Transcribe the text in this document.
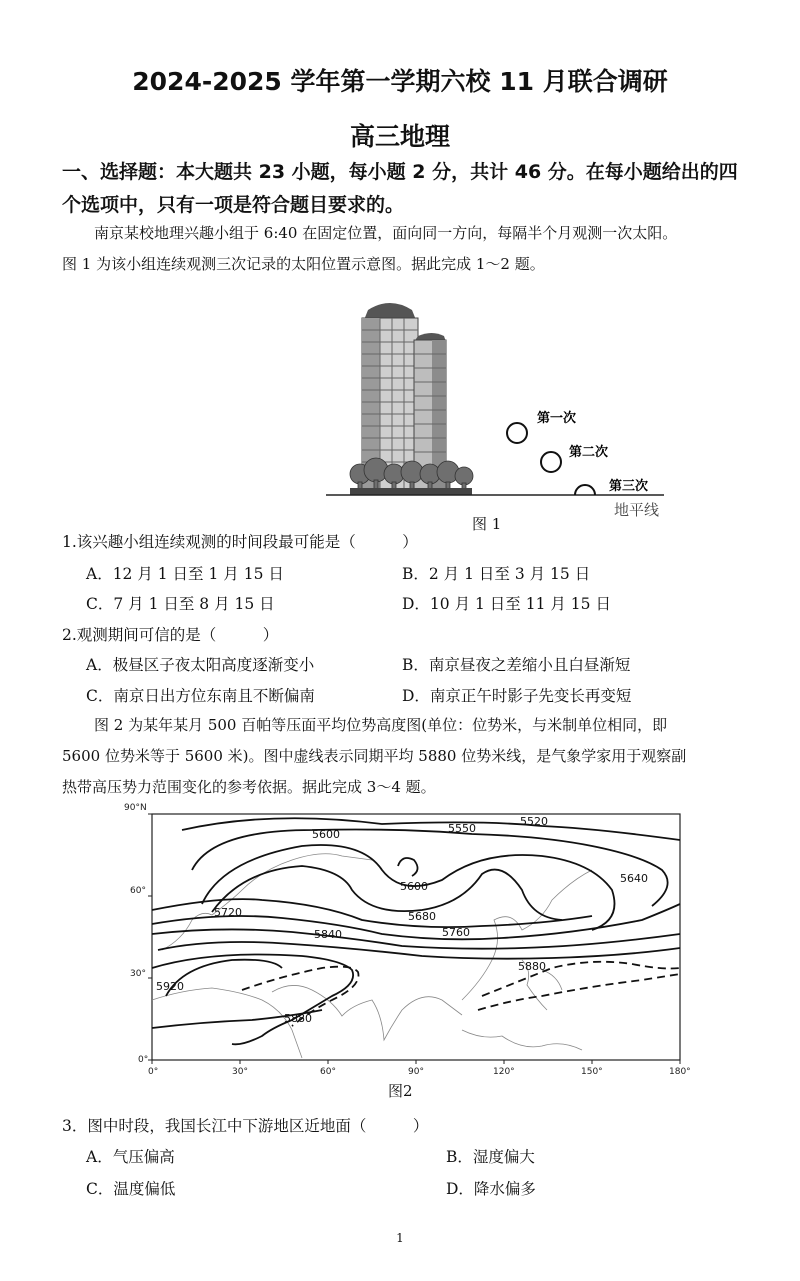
2024-2025 学年第一学期六校 11 月联合调研
高三地理
一、选择题：本大题共 23 小题，每小题 2 分，共计 46 分。在每小题给出的四
个选项中，只有一项是符合题目要求的。
南京某校地理兴趣小组于 6:40 在固定位置，面向同一方向，每隔半个月观测一次太阳。
图 1 为该小组连续观测三次记录的太阳位置示意图。据此完成 1～2 题。
第一次
第二次
第三次
地平线
图 1
1.该兴趣小组连续观测的时间段最可能是（　　　）
A．12 月 1 日至 1 月 15 日	B．2 月 1 日至 3 月 15 日
C．7 月 1 日至 8 月 15 日	D．10 月 1 日至 11 月 15 日
2.观测期间可信的是（　　　）
A．极昼区子夜太阳高度逐渐变小	B．南京昼夜之差缩小且白昼渐短
C．南京日出方位东南且不断偏南	D．南京正午时影子先变长再变短
图 2 为某年某月 500 百帕等压面平均位势高度图(单位：位势米，与米制单位相同，即
5600 位势米等于 5600 米)。图中虚线表示同期平均 5880 位势米线，是气象学家用于观察副
热带高压势力范围变化的参考依据。据此完成 3～4 题。
90°N
60°
30°
0°
0°	30°	60°	90°	120°	150°	180°
5520
5550
5600
5600
5640
5680
5720
5760
5840
5880
5880
5920
图2
3．图中时段，我国长江中下游地区近地面（　　　）
A．气压偏高	B．湿度偏大
C．温度偏低	D．降水偏多
1
